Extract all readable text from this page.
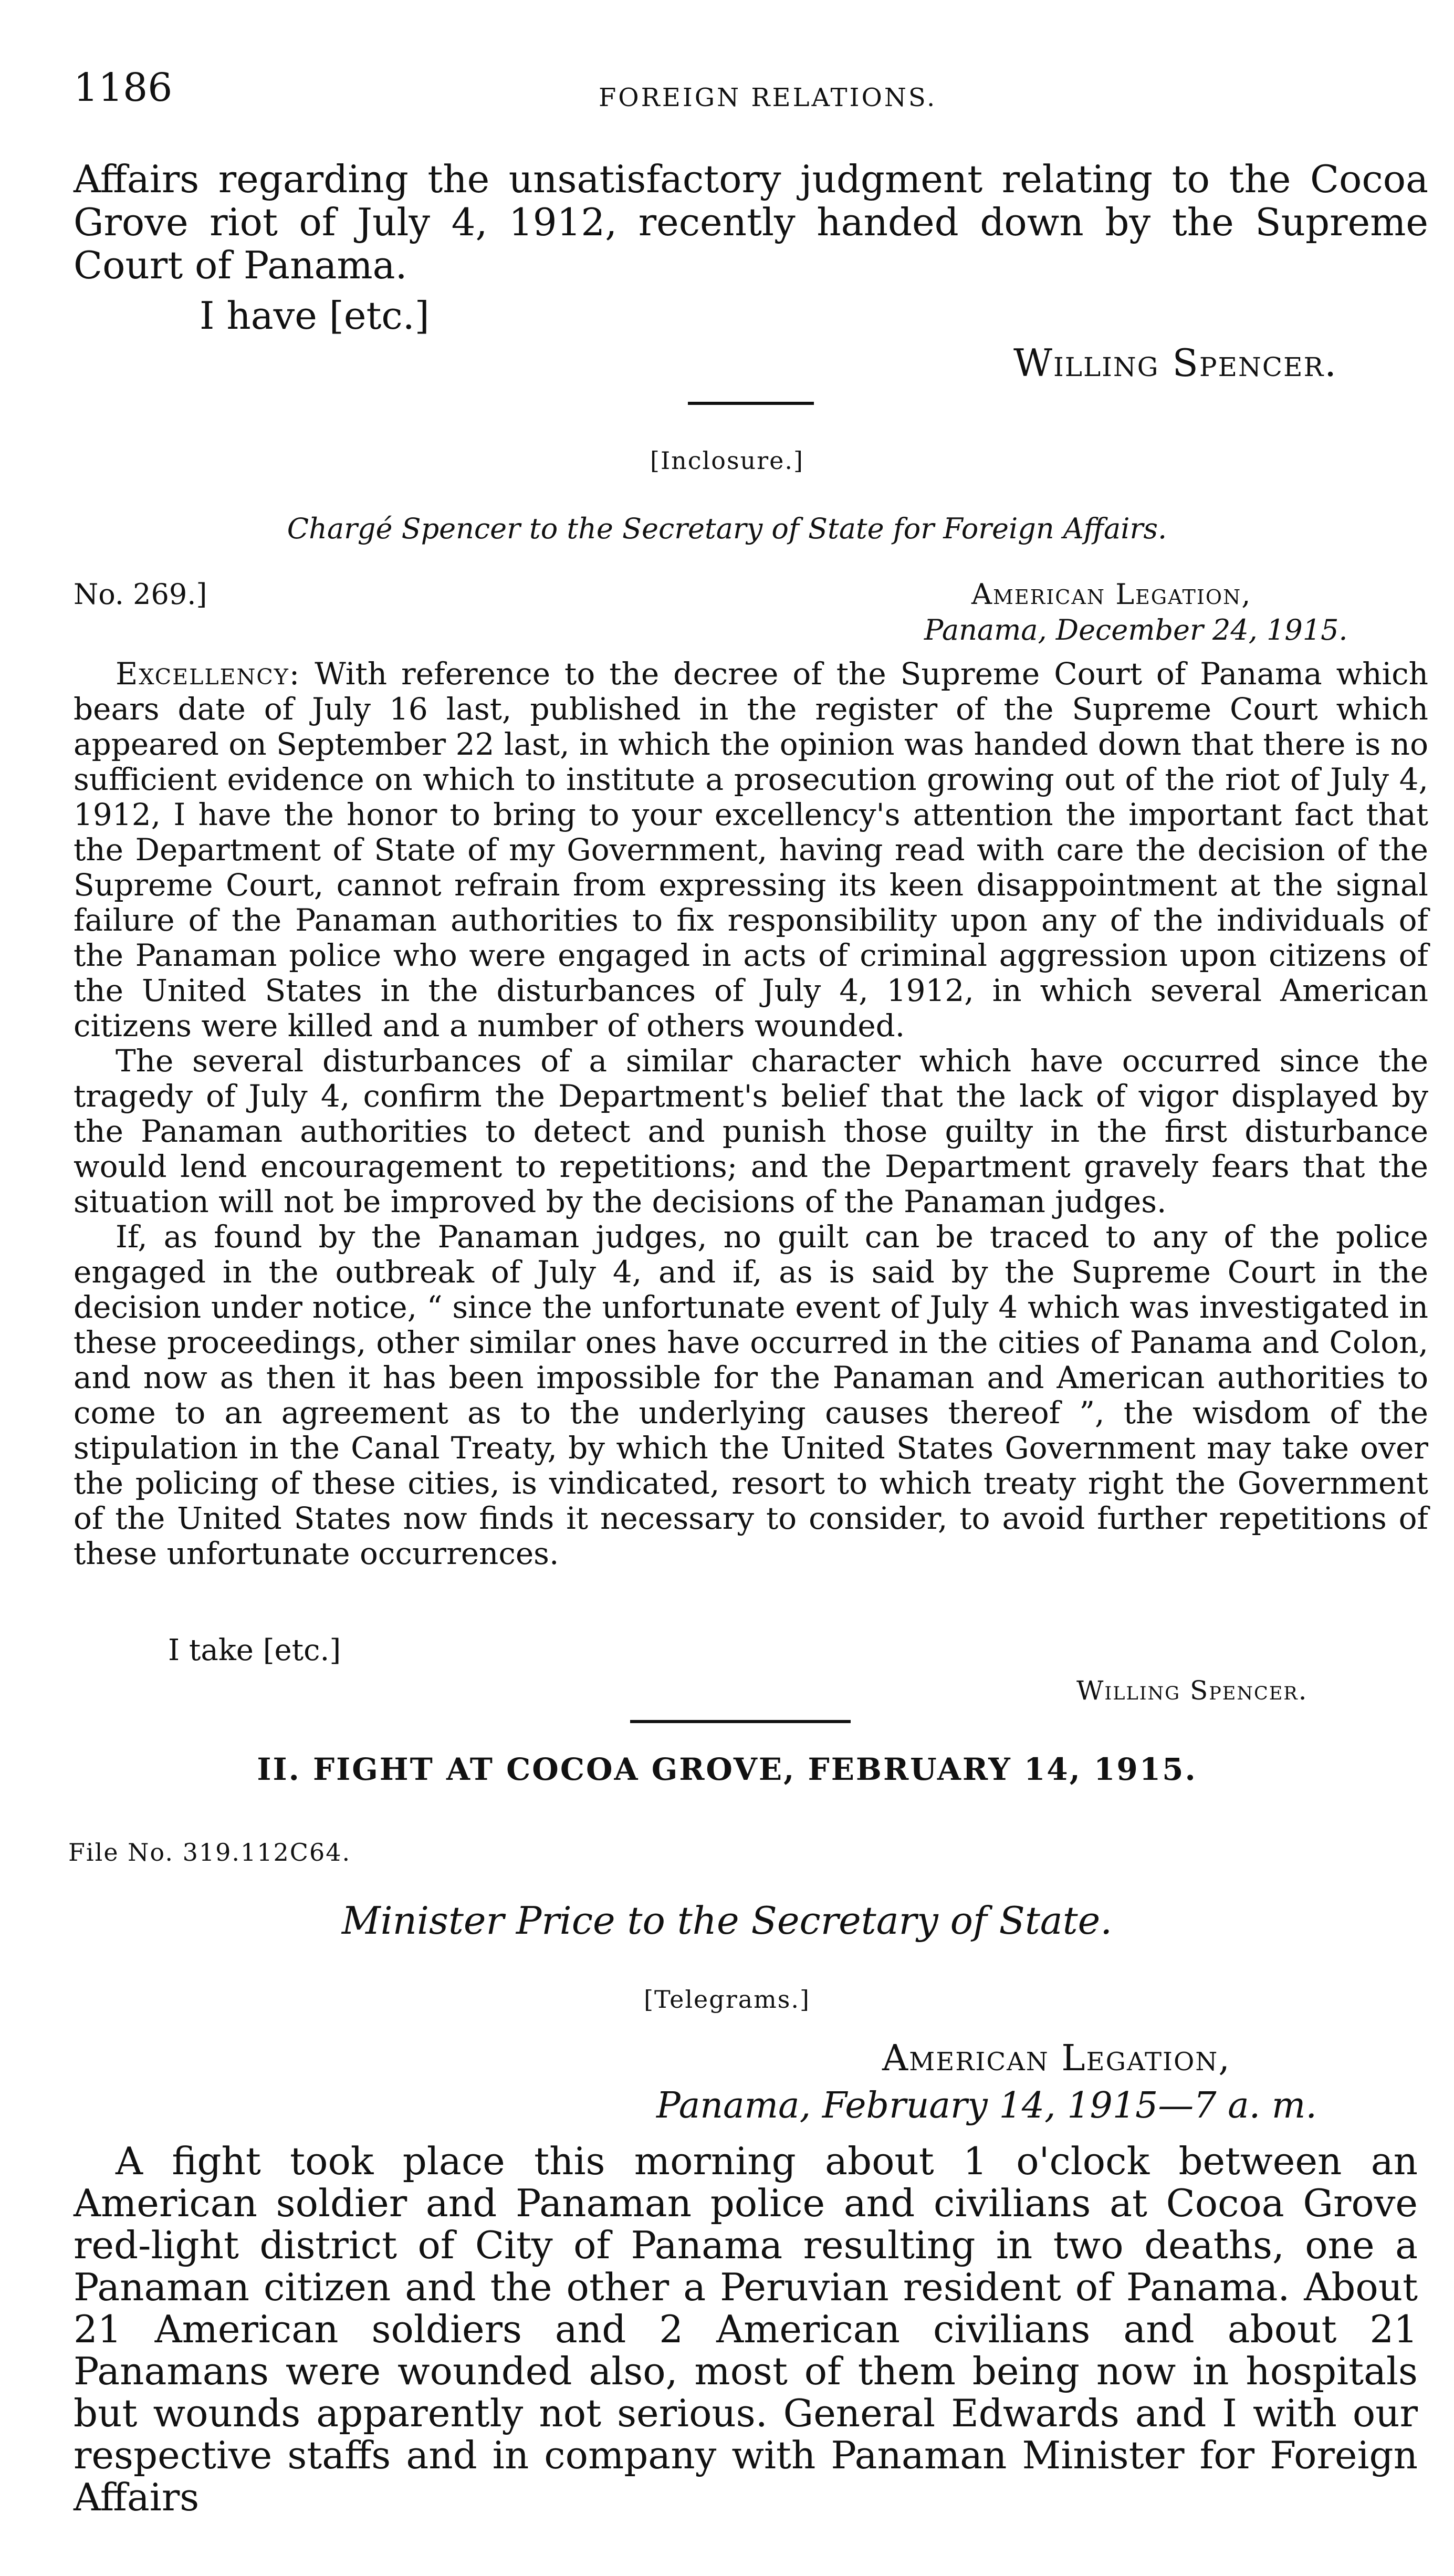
1186	FOREIGN RELATIONS.

Affairs regarding the unsatisfactory judgment relating to the Cocoa Grove riot of July 4, 1912, recently handed down by the Supreme Court of Panama.

I have [etc.]
Willing Spencer.
[Inclosure.]
Chargé Spencer to the Secretary of State for Foreign Affairs.
No. 269.]	American Legation,
Panama, December 24, 1915.

Excellency: With reference to the decree of the Supreme Court of Panama which bears date of July 16 last, published in the register of the Supreme Court which appeared on September 22 last, in which the opinion was handed down that there is no sufficient evidence on which to institute a prosecution growing out of the riot of July 4, 1912, I have the honor to bring to your excellency's attention the important fact that the Department of State of my Government, having read with care the decision of the Supreme Court, cannot refrain from expressing its keen disappointment at the signal failure of the Panaman authorities to fix responsibility upon any of the individuals of the Panaman police who were engaged in acts of criminal aggression upon citizens of the United States in the disturbances of July 4, 1912, in which several American citizens were killed and a number of others wounded.

The several disturbances of a similar character which have occurred since the tragedy of July 4, confirm the Department's belief that the lack of vigor displayed by the Panaman authorities to detect and punish those guilty in the first disturbance would lend encouragement to repetitions; and the Department gravely fears that the situation will not be improved by the decisions of the Panaman judges.

If, as found by the Panaman judges, no guilt can be traced to any of the police engaged in the outbreak of July 4, and if, as is said by the Supreme Court in the decision under notice, “ since the unfortunate event of July 4 which was investigated in these proceedings, other similar ones have occurred in the cities of Panama and Colon, and now as then it has been impossible for the Panaman and American authorities to come to an agreement as to the underlying causes thereof ”, the wisdom of the stipulation in the Canal Treaty, by which the United States Government may take over the policing of these cities, is vindicated, resort to which treaty right the Government of the United States now finds it necessary to consider, to avoid further repetitions of these unfortunate occurrences.

I take [etc.]
Willing Spencer.
II. FIGHT AT COCOA GROVE, FEBRUARY 14, 1915.
File No. 319.112C64.
Minister Price to the Secretary of State.
[Telegrams.]
American Legation,
Panama, February 14, 1915—7 a. m.

A fight took place this morning about 1 o'clock between an American soldier and Panaman police and civilians at Cocoa Grove red-light district of City of Panama resulting in two deaths, one a Panaman citizen and the other a Peruvian resident of Panama. About 21 American soldiers and 2 American civilians and about 21 Panamans were wounded also, most of them being now in hospitals but wounds apparently not serious. General Edwards and I with our respective staffs and in company with Panaman Minister for Foreign Affairs
